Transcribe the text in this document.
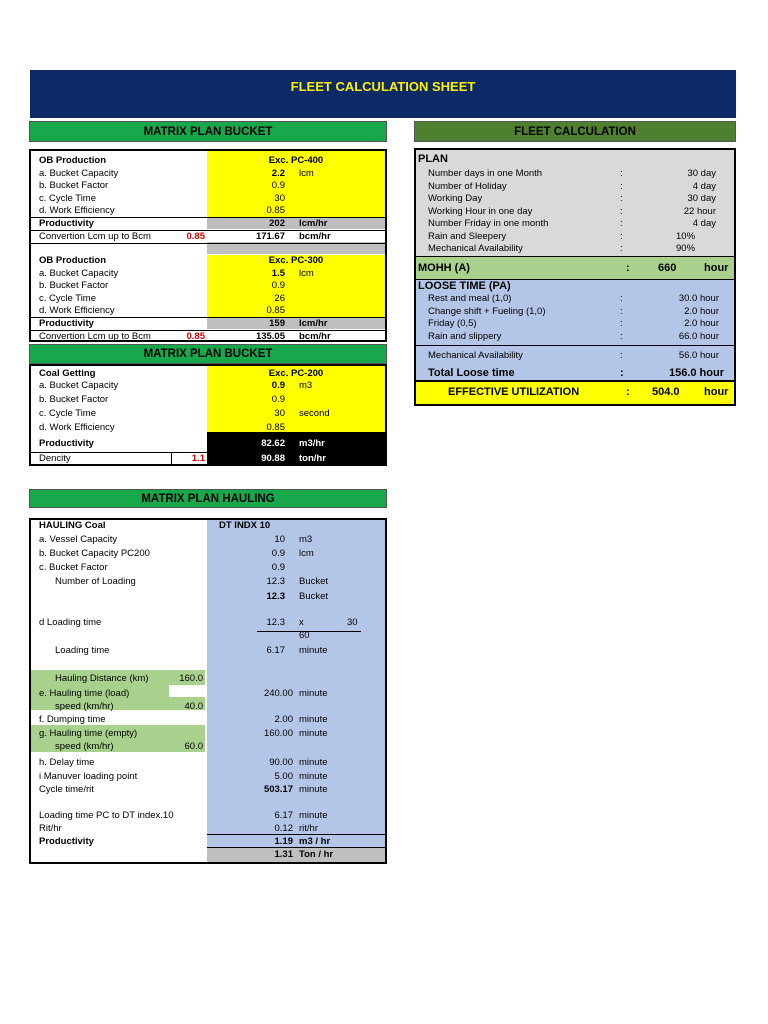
FLEET CALCULATION SHEET
MATRIX PLAN BUCKET
OB Production	Exc. PC-400
a. Bucket Capacity	2.2 lcm
b. Bucket Factor	0.9
c. Cycle Time	30
d. Work Efficiency	0.85
Productivity	202 lcm/hr
Convertion Lcm up to Bcm	0.85	171.67 bcm/hr
OB Production	Exc. PC-300
a. Bucket Capacity	1.5 lcm
b. Bucket Factor	0.9
c. Cycle Time	26
d. Work Efficiency	0.85
Productivity	159 lcm/hr
Convertion Lcm up to Bcm	0.85	135.05 bcm/hr
MATRIX PLAN BUCKET
Coal Getting	Exc. PC-200
a. Bucket Capacity	0.9 m3
b. Bucket Factor	0.9
c. Cycle Time	30 second
d. Work Efficiency	0.85
Productivity	82.62 m3/hr
Dencity	1.1	90.88 ton/hr
FLEET CALCULATION
PLAN
Number days in one Month	:	30 day
Number of Holiday	:	4 day
Working Day	:	30 day
Working Hour in one day	:	22 hour
Number Friday in one month	:	4 day
Rain and Sleepery	:	10%
Mechanical Availability	:	90%
MOHH (A)	:	660	hour
LOOSE TIME (PA)
Rest and meal (1,0)	:	30.0 hour
Change shift + Fueling (1,0)	:	2.0 hour
Friday (0,5)	:	2.0 hour
Rain and slippery	:	66.0 hour
Mechanical Availability	:	56.0 hour
Total Loose time	:	156.0 hour
EFFECTIVE UTILIZATION	: 504.0 hour
MATRIX PLAN HAULING
HAULING Coal	DT INDX 10
a. Vessel Capacity	10 m3
b. Bucket Capacity PC200	0.9 lcm
c. Bucket Factor	0.9
Number of Loading	12.3 Bucket
12.3 Bucket
d Loading time	12.3 x	30
60
Loading time	6.17 minute
Hauling Distance (km)	160.0
e. Hauling time (load)	240.00 minute
speed (km/hr)	40.0
f. Dumping time	2.00 minute
g. Hauling time (empty)	160.00 minute
speed (km/hr)	60.0
h. Delay time	90.00 minute
i Manuver loading point	5.00 minute
Cycle time/rit	503.17 minute
Loading time PC to DT index.10	6.17 minute
Rit/hr	0.12 rit/hr
Productivity	1.19 m3 / hr
1.31 Ton / hr
